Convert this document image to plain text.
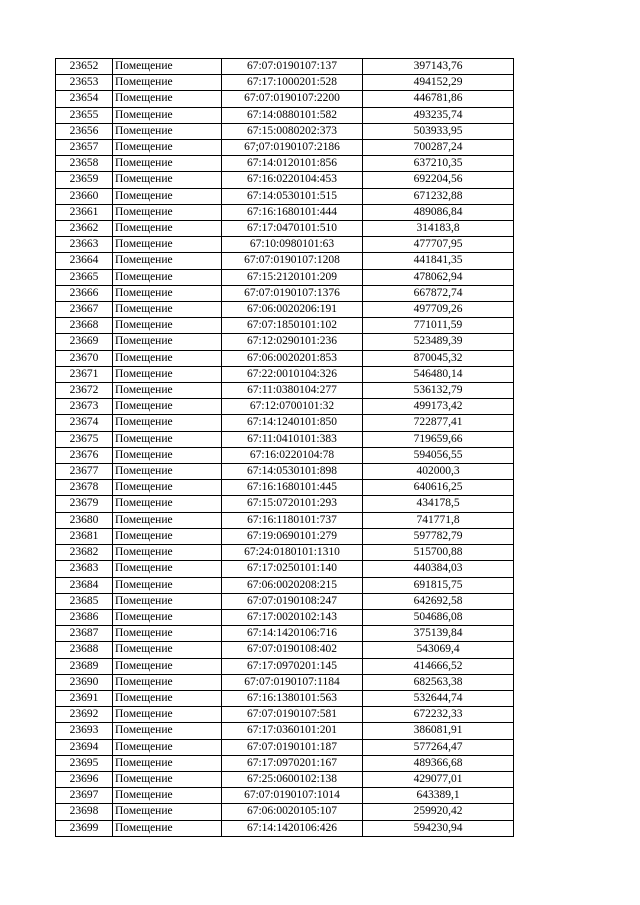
23652	Помещение	67:07:0190107:137	397143,76
23653	Помещение	67:17:1000201:528	494152,29
23654	Помещение	67:07:0190107:2200	446781,86
23655	Помещение	67:14:0880101:582	493235,74
23656	Помещение	67:15:0080202:373	503933,95
23657	Помещение	67;07:0190107:2186	700287,24
23658	Помещение	67:14:0120101:856	637210,35
23659	Помещение	67:16:0220104:453	692204,56
23660	Помещение	67:14:0530101:515	671232,88
23661	Помещение	67:16:1680101:444	489086,84
23662	Помещение	67:17:0470101:510	314183,8
23663	Помещение	67:10:0980101:63	477707,95
23664	Помещение	67:07:0190107:1208	441841,35
23665	Помещение	67:15:2120101:209	478062,94
23666	Помещение	67:07:0190107:1376	667872,74
23667	Помещение	67:06:0020206:191	497709,26
23668	Помещение	67:07:1850101:102	771011,59
23669	Помещение	67:12:0290101:236	523489,39
23670	Помещение	67:06:0020201:853	870045,32
23671	Помещение	67:22:0010104:326	546480,14
23672	Помещение	67:11:0380104:277	536132,79
23673	Помещение	67:12:0700101:32	499173,42
23674	Помещение	67:14:1240101:850	722877,41
23675	Помещение	67:11:0410101:383	719659,66
23676	Помещение	67:16:0220104:78	594056,55
23677	Помещение	67:14:0530101:898	402000,3
23678	Помещение	67:16:1680101:445	640616,25
23679	Помещение	67:15:0720101:293	434178,5
23680	Помещение	67:16:1180101:737	741771,8
23681	Помещение	67:19:0690101:279	597782,79
23682	Помещение	67:24:0180101:1310	515700,88
23683	Помещение	67:17:0250101:140	440384,03
23684	Помещение	67:06:0020208:215	691815,75
23685	Помещение	67:07:0190108:247	642692,58
23686	Помещение	67:17:0020102:143	504686,08
23687	Помещение	67:14:1420106:716	375139,84
23688	Помещение	67:07:0190108:402	543069,4
23689	Помещение	67:17:0970201:145	414666,52
23690	Помещение	67:07:0190107:1184	682563,38
23691	Помещение	67:16:1380101:563	532644,74
23692	Помещение	67:07:0190107:581	672232,33
23693	Помещение	67:17:0360101:201	386081,91
23694	Помещение	67:07:0190101:187	577264,47
23695	Помещение	67:17:0970201:167	489366,68
23696	Помещение	67:25:0600102:138	429077,01
23697	Помещение	67:07:0190107:1014	643389,1
23698	Помещение	67:06:0020105:107	259920,42
23699	Помещение	67:14:1420106:426	594230,94
